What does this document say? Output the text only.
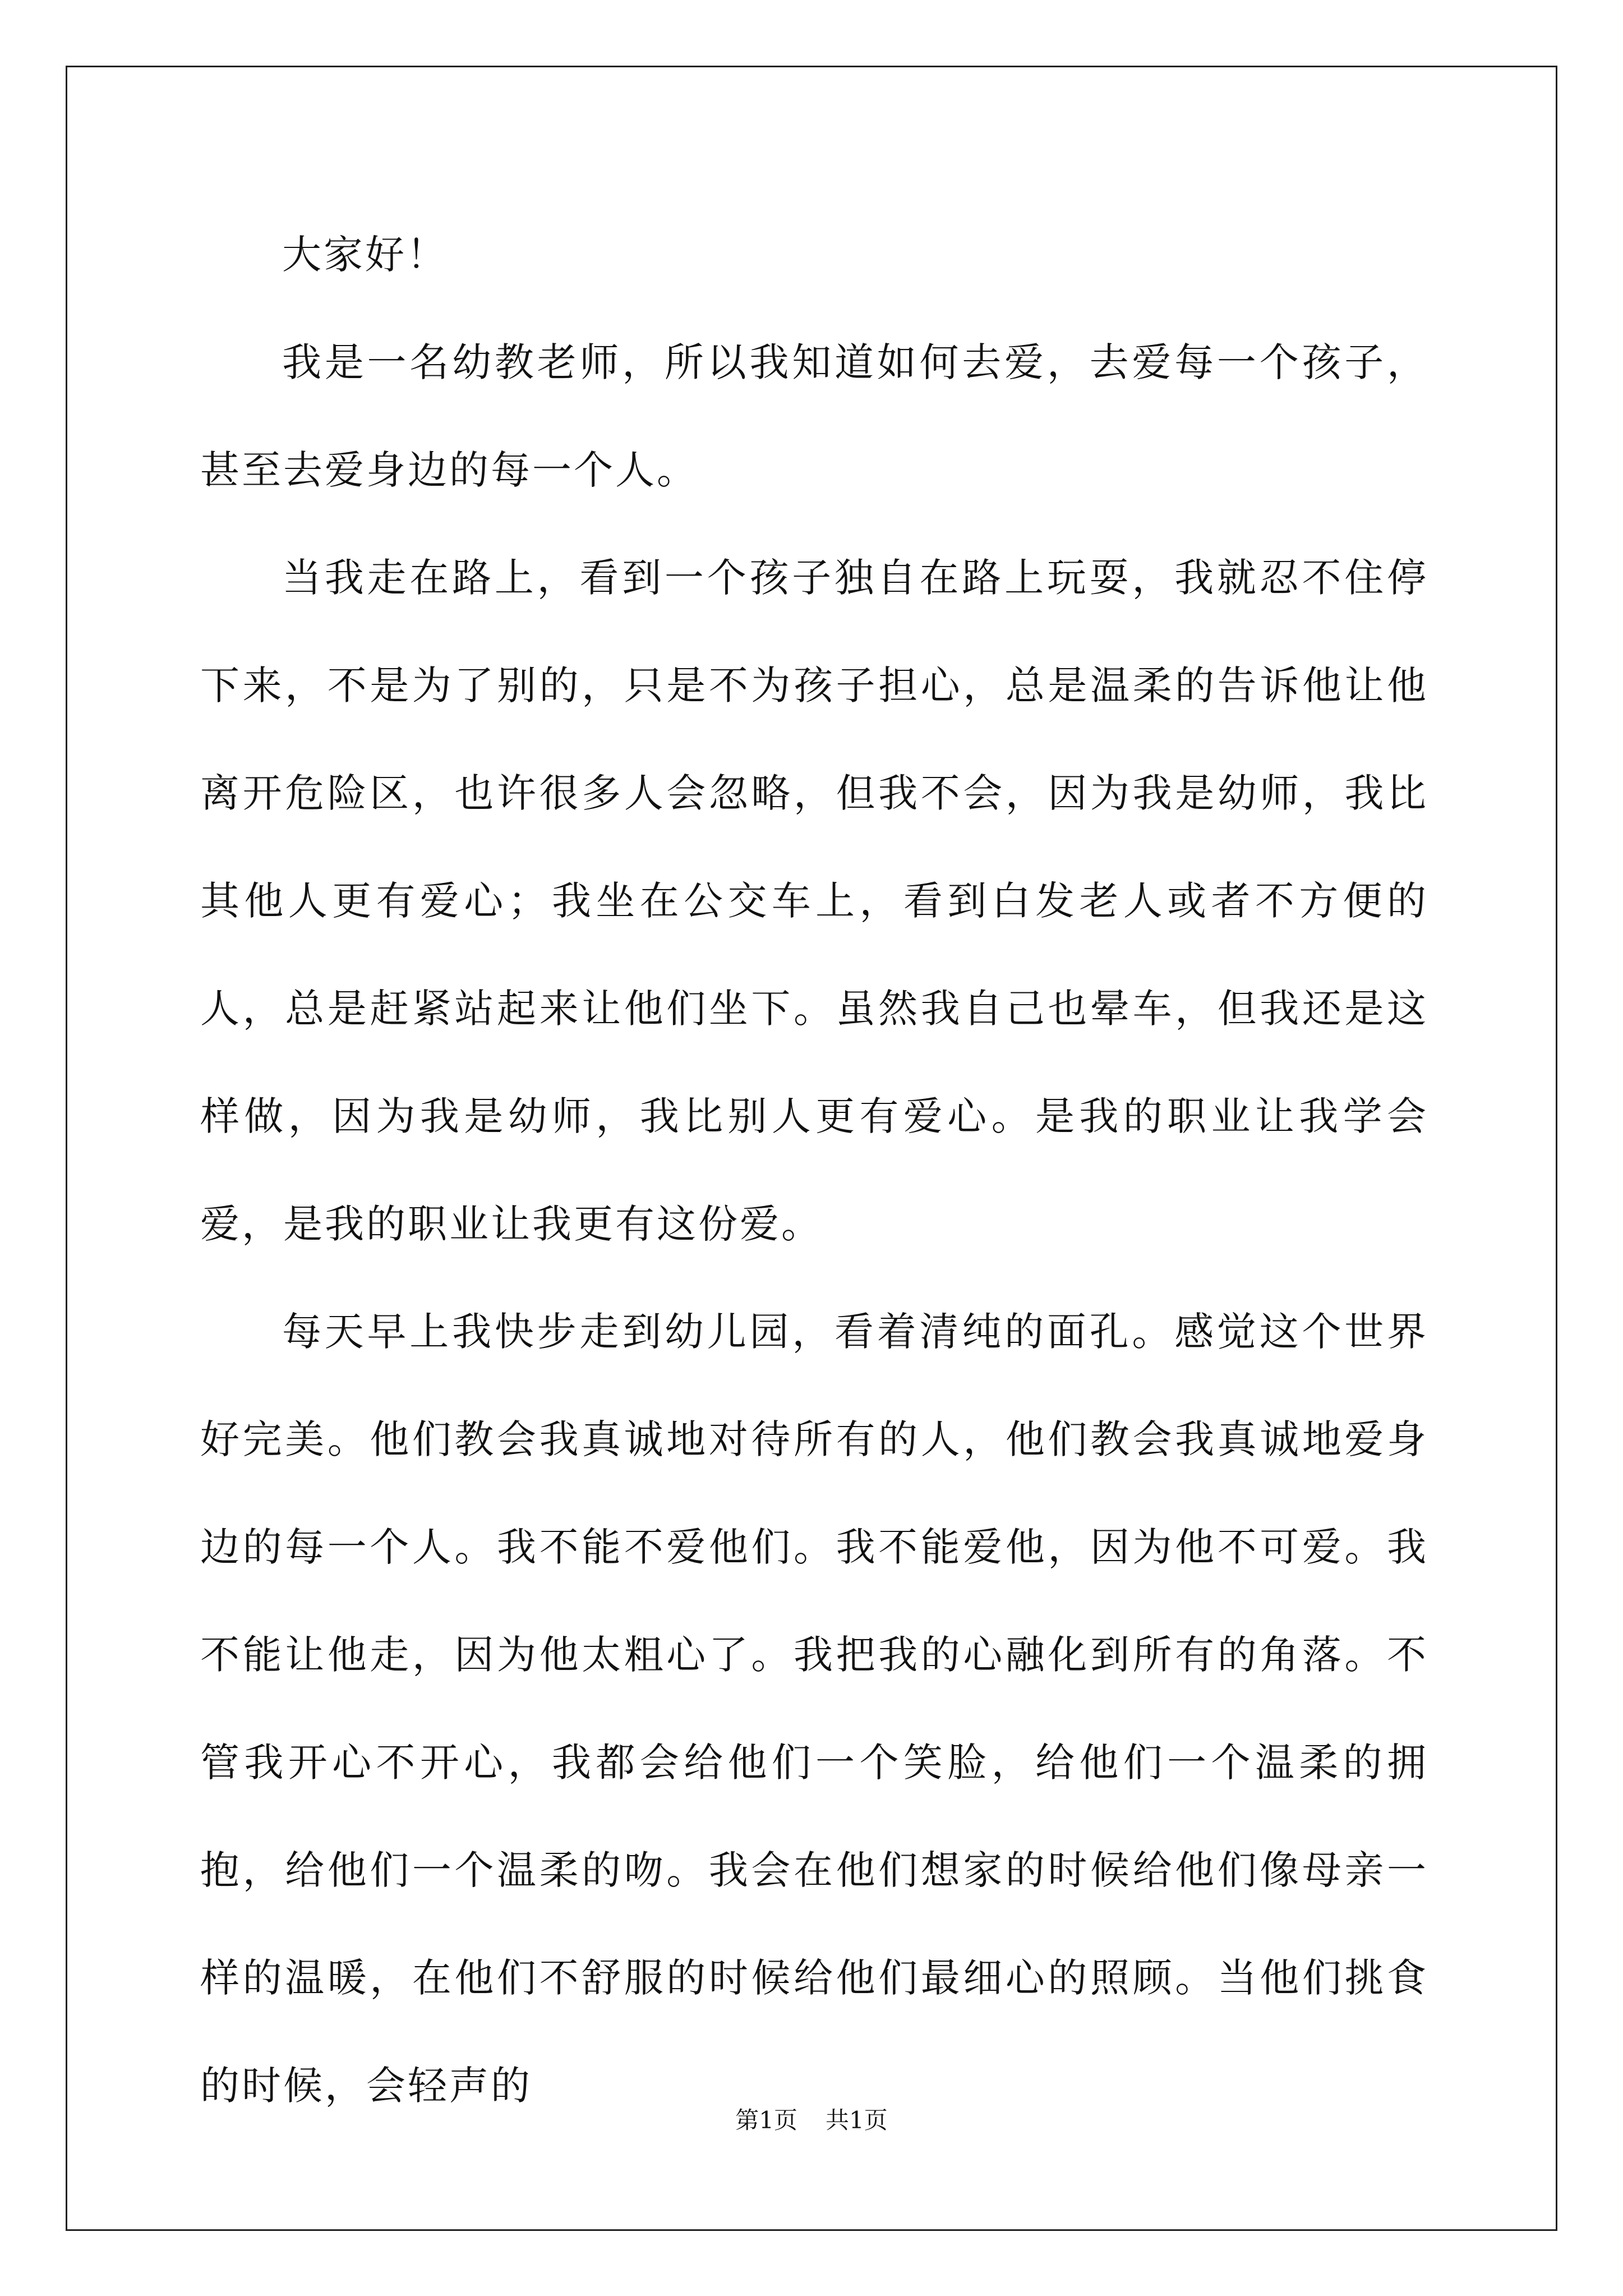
大家好！

我是一名幼教老师，所以我知道如何去爱，去爱每一个孩子，甚至去爱身边的每一个人。

当我走在路上，看到一个孩子独自在路上玩耍，我就忍不住停下来，不是为了别的，只是不为孩子担心，总是温柔的告诉他让他离开危险区，也许很多人会忽略，但我不会，因为我是幼师，我比其他人更有爱心；我坐在公交车上，看到白发老人或者不方便的人，总是赶紧站起来让他们坐下。虽然我自己也晕车，但我还是这样做，因为我是幼师，我比别人更有爱心。是我的职业让我学会爱，是我的职业让我更有这份爱。

每天早上我快步走到幼儿园，看着清纯的面孔。感觉这个世界好完美。他们教会我真诚地对待所有的人，他们教会我真诚地爱身边的每一个人。我不能不爱他们。我不能爱他，因为他不可爱。我不能让他走，因为他太粗心了。我把我的心融化到所有的角落。不管我开心不开心，我都会给他们一个笑脸，给他们一个温柔的拥抱，给他们一个温柔的吻。我会在他们想家的时候给他们像母亲一样的温暖，在他们不舒服的时候给他们最细心的照顾。当他们挑食的时候，会轻声的

第1页 共1页
